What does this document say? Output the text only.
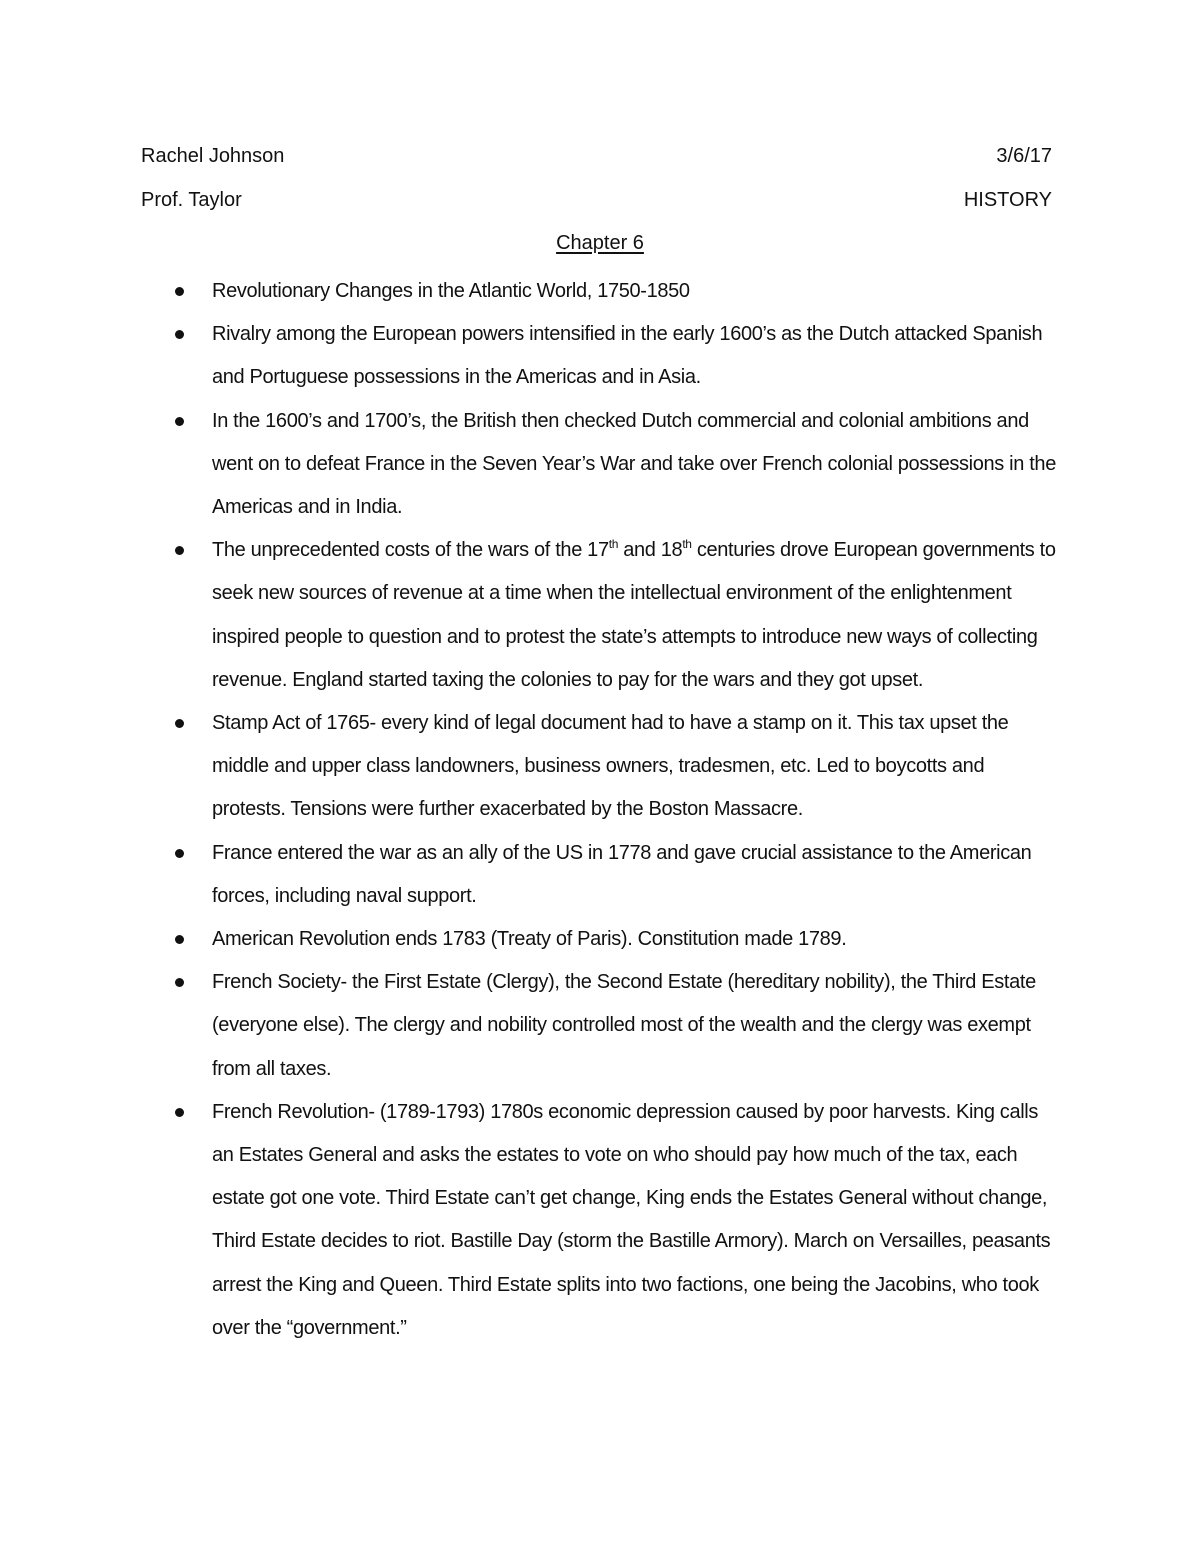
Rachel Johnson	3/6/17
Prof. Taylor	HISTORY
Chapter 6
Revolutionary Changes in the Atlantic World, 1750-1850
Rivalry among the European powers intensified in the early 1600’s as the Dutch attacked Spanish and Portuguese possessions in the Americas and in Asia.
In the 1600’s and 1700’s, the British then checked Dutch commercial and colonial ambitions and went on to defeat France in the Seven Year’s War and take over French colonial possessions in the Americas and in India.
The unprecedented costs of the wars of the 17th and 18th centuries drove European governments to seek new sources of revenue at a time when the intellectual environment of the enlightenment inspired people to question and to protest the state’s attempts to introduce new ways of collecting revenue. England started taxing the colonies to pay for the wars and they got upset.
Stamp Act of 1765- every kind of legal document had to have a stamp on it. This tax upset the middle and upper class landowners, business owners, tradesmen, etc. Led to boycotts and protests. Tensions were further exacerbated by the Boston Massacre.
France entered the war as an ally of the US in 1778 and gave crucial assistance to the American forces, including naval support.
American Revolution ends 1783 (Treaty of Paris). Constitution made 1789.
French Society- the First Estate (Clergy), the Second Estate (hereditary nobility), the Third Estate (everyone else). The clergy and nobility controlled most of the wealth and the clergy was exempt from all taxes.
French Revolution- (1789-1793) 1780s economic depression caused by poor harvests. King calls an Estates General and asks the estates to vote on who should pay how much of the tax, each estate got one vote. Third Estate can’t get change, King ends the Estates General without change, Third Estate decides to riot. Bastille Day (storm the Bastille Armory). March on Versailles, peasants arrest the King and Queen. Third Estate splits into two factions, one being the Jacobins, who took over the “government.”
